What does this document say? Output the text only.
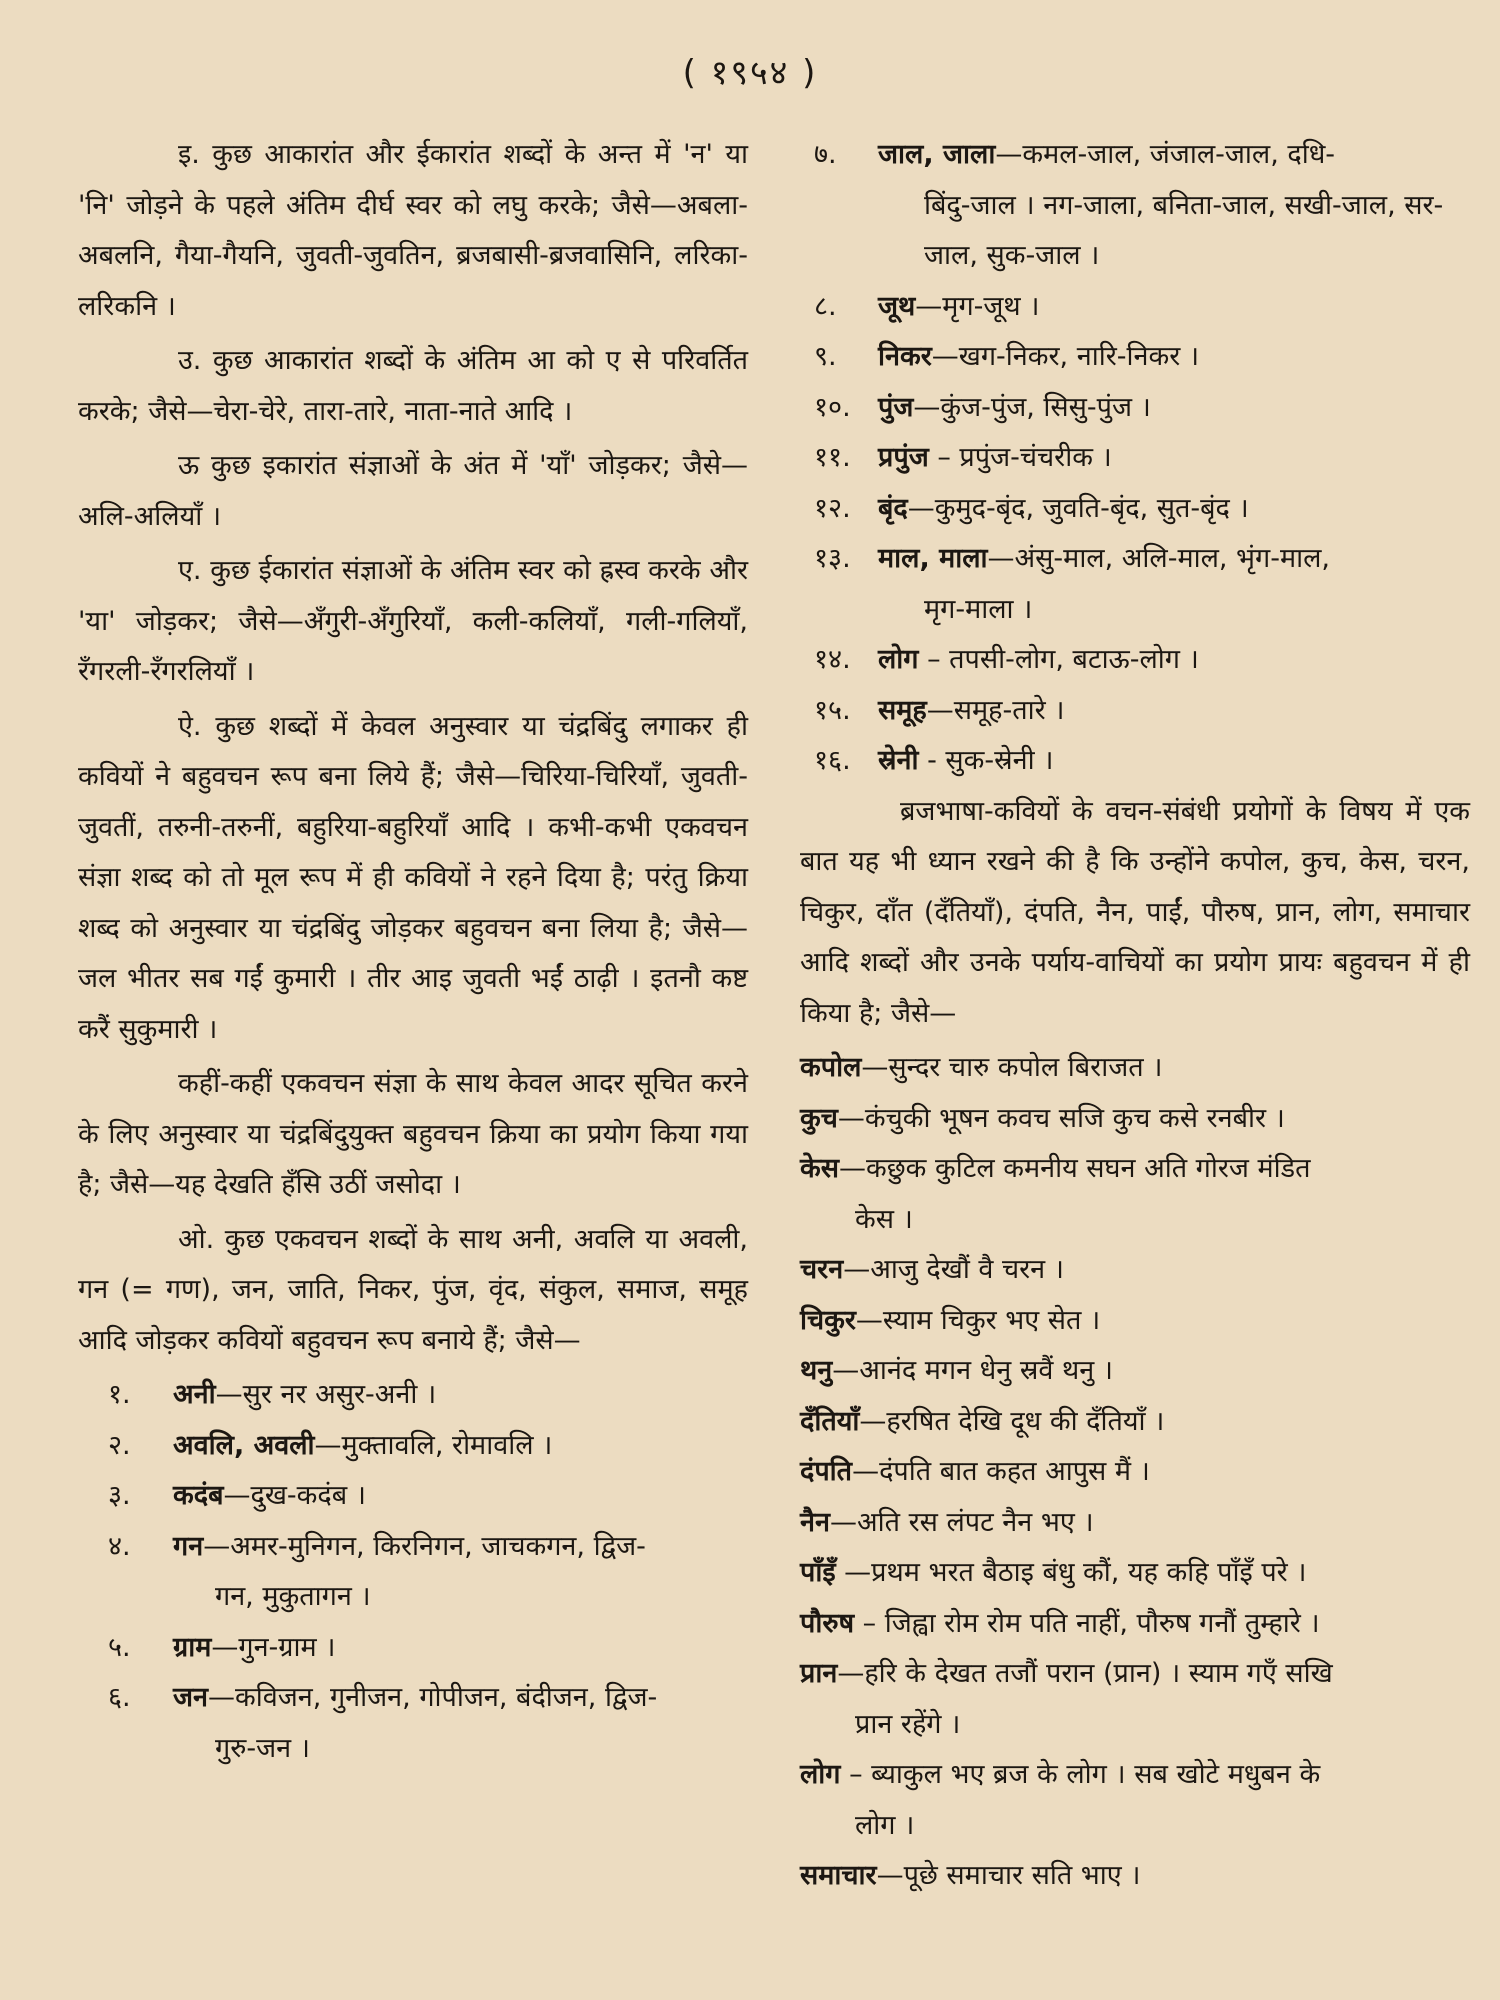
( १९५४ )

इ. कुछ आकारांत और ईकारांत शब्दों के अन्त में 'न' या 'नि' जोड़ने के पहले अंतिम दीर्घ स्वर को लघु करके; जैसे—अबला-अबलनि, गैया-गैयनि, जुवती-जुवतिन, ब्रजबासी-ब्रजवासिनि, लरिका-लरिकनि ।

उ. कुछ आकारांत शब्दों के अंतिम आ को ए से परिवर्तित करके; जैसे—चेरा-चेरे, तारा-तारे, नाता-नाते आदि ।

ऊ कुछ इकारांत संज्ञाओं के अंत में 'याँ' जोड़कर; जैसे—अलि-अलियाँ ।

ए. कुछ ईकारांत संज्ञाओं के अंतिम स्वर को ह्रस्व करके और 'या' जोड़कर; जैसे—अँगुरी-अँगुरियाँ, कली-कलियाँ, गली-गलियाँ, रँगरली-रँगरलियाँ ।

ऐ. कुछ शब्दों में केवल अनुस्वार या चंद्रबिंदु लगाकर ही कवियों ने बहुवचन रूप बना लिये हैं; जैसे—चिरिया-चिरियाँ, जुवती-जुवतीं, तरुनी-तरुनीं, बहुरिया-बहुरियाँ आदि । कभी-कभी एकवचन संज्ञा शब्द को तो मूल रूप में ही कवियों ने रहने दिया है; परंतु क्रिया शब्द को अनुस्वार या चंद्रबिंदु जोड़कर बहुवचन बना लिया है; जैसे—जल भीतर सब गईं कुमारी । तीर आइ जुवती भईं ठाढ़ी । इतनौ कष्ट करैं सुकुमारी ।

कहीं-कहीं एकवचन संज्ञा के साथ केवल आदर सूचित करने के लिए अनुस्वार या चंद्रबिंदुयुक्त बहुवचन क्रिया का प्रयोग किया गया है; जैसे—यह देखति हँसि उठीं जसोदा ।

ओ. कुछ एकवचन शब्दों के साथ अनी, अवलि या अवली, गन (= गण), जन, जाति, निकर, पुंज, वृंद, संकुल, समाज, समूह आदि जोड़कर कवियों बहुवचन रूप बनाये हैं; जैसे—

१.	अनी—सुर नर असुर-अनी ।
२.	अवलि, अवली—मुक्तावलि, रोमावलि ।
३.	कदंब—दुख-कदंब ।
४.	गन—अमर-मुनिगन, किरनिगन, जाचकगन, द्विज-
गन, मुकुतागन ।
५.	ग्राम—गुन-ग्राम ।
६.	जन—कविजन, गुनीजन, गोपीजन, बंदीजन, द्विज-
गुरु-जन ।
७.	जाल, जाला—कमल-जाल, जंजाल-जाल, दधि-
बिंदु-जाल । नग-जाला, बनिता-जाल, सखी-जाल, सर-जाल, सुक-जाल ।
८.	जूथ—मृग-जूथ ।
९.	निकर—खग-निकर, नारि-निकर ।
१०.	पुंज—कुंज-पुंज, सिसु-पुंज ।
११.	प्रपुंज – प्रपुंज-चंचरीक ।
१२.	बृंद—कुमुद-बृंद, जुवति-बृंद, सुत-बृंद ।
१३.	माल, माला—अंसु-माल, अलि-माल, भृंग-माल,
मृग-माला ।
१४.	लोग – तपसी-लोग, बटाऊ-लोग ।
१५.	समूह—समूह-तारे ।
१६.	स्रेनी - सुक-स्रेनी ।

ब्रजभाषा-कवियों के वचन-संबंधी प्रयोगों के विषय में एक बात यह भी ध्यान रखने की है कि उन्होंने कपोल, कुच, केस, चरन, चिकुर, दाँत (दँतियाँ), दंपति, नैन, पाईं, पौरुष, प्रान, लोग, समाचार आदि शब्दों और उनके पर्याय-वाचियों का प्रयोग प्रायः बहुवचन में ही किया है; जैसे—

कपोल—सुन्दर चारु कपोल बिराजत ।
कुच—कंचुकी भूषन कवच सजि कुच कसे रनबीर ।
केस—कछुक कुटिल कमनीय सघन अति गोरज मंडित
केस ।
चरन—आजु देखौं वै चरन ।
चिकुर—स्याम चिकुर भए सेत ।
थनु—आनंद मगन धेनु स्रवैं थनु ।
दँतियाँ—हरषित देखि दूध की दँतियाँ ।
दंपति—दंपति बात कहत आपुस मैं ।
नैन—अति रस लंपट नैन भए ।
पाँइँ —प्रथम भरत बैठाइ बंधु कौं, यह कहि पाँइँ परे ।
पौरुष – जिह्वा रोम रोम पति नाहीं, पौरुष गनौं तुम्हारे ।
प्रान—हरि के देखत तजौं परान (प्रान) । स्याम गएँ सखि
प्रान रहेंगे ।
लोग – ब्याकुल भए ब्रज के लोग । सब खोटे मधुबन के
लोग ।
समाचार—पूछे समाचार सति भाए ।
